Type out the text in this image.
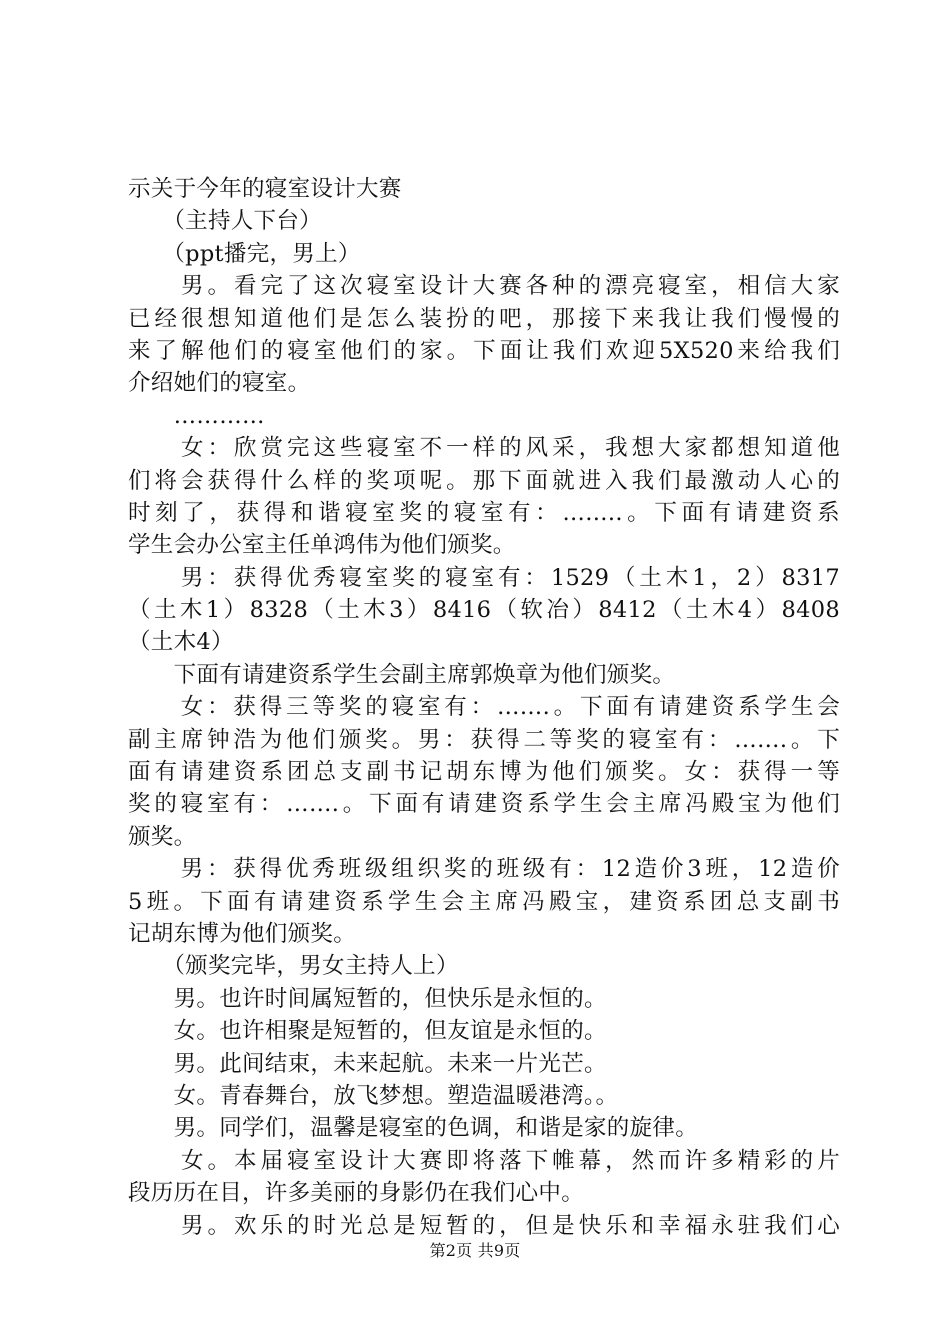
示关于今年的寝室设计大赛
　　（主持人下台）
　　（ppt播完，男上）
　　男。看完了这次寝室设计大赛各种的漂亮寝室，相信大家
已经很想知道他们是怎么装扮的吧，那接下来我让我们慢慢的
来了解他们的寝室他们的家。下面让我们欢迎5X520来给我们
介绍她们的寝室。
　　…………
　　女：欣赏完这些寝室不一样的风采，我想大家都想知道他
们将会获得什么样的奖项呢。那下面就进入我们最激动人心的
时刻了，获得和谐寝室奖的寝室有：……..。下面有请建资系
学生会办公室主任单鸿伟为他们颁奖。
　　男：获得优秀寝室奖的寝室有：1529（土木1，2）8317
（土木1）8328（土木3）8416（软冶）8412（土木4）8408
（土木4）
　　下面有请建资系学生会副主席郭焕章为他们颁奖。
　　女：获得三等奖的寝室有：…….。下面有请建资系学生会
副主席钟浩为他们颁奖。男：获得二等奖的寝室有：…….。下
面有请建资系团总支副书记胡东博为他们颁奖。女：获得一等
奖的寝室有：…….。下面有请建资系学生会主席冯殿宝为他们
颁奖。
　　男：获得优秀班级组织奖的班级有：12造价3班，12造价
5班。下面有请建资系学生会主席冯殿宝，建资系团总支副书
记胡东博为他们颁奖。
　　（颁奖完毕，男女主持人上）
　　男。也许时间属短暂的，但快乐是永恒的。
　　女。也许相聚是短暂的，但友谊是永恒的。
　　男。此间结束，未来起航。未来一片光芒。
　　女。青春舞台，放飞梦想。塑造温暖港湾。。
　　男。同学们，温馨是寝室的色调，和谐是家的旋律。
　　女。本届寝室设计大赛即将落下帷幕，然而许多精彩的片
段历历在目，许多美丽的身影仍在我们心中。
　　男。欢乐的时光总是短暂的，但是快乐和幸福永驻我们心
第2页 共9页
